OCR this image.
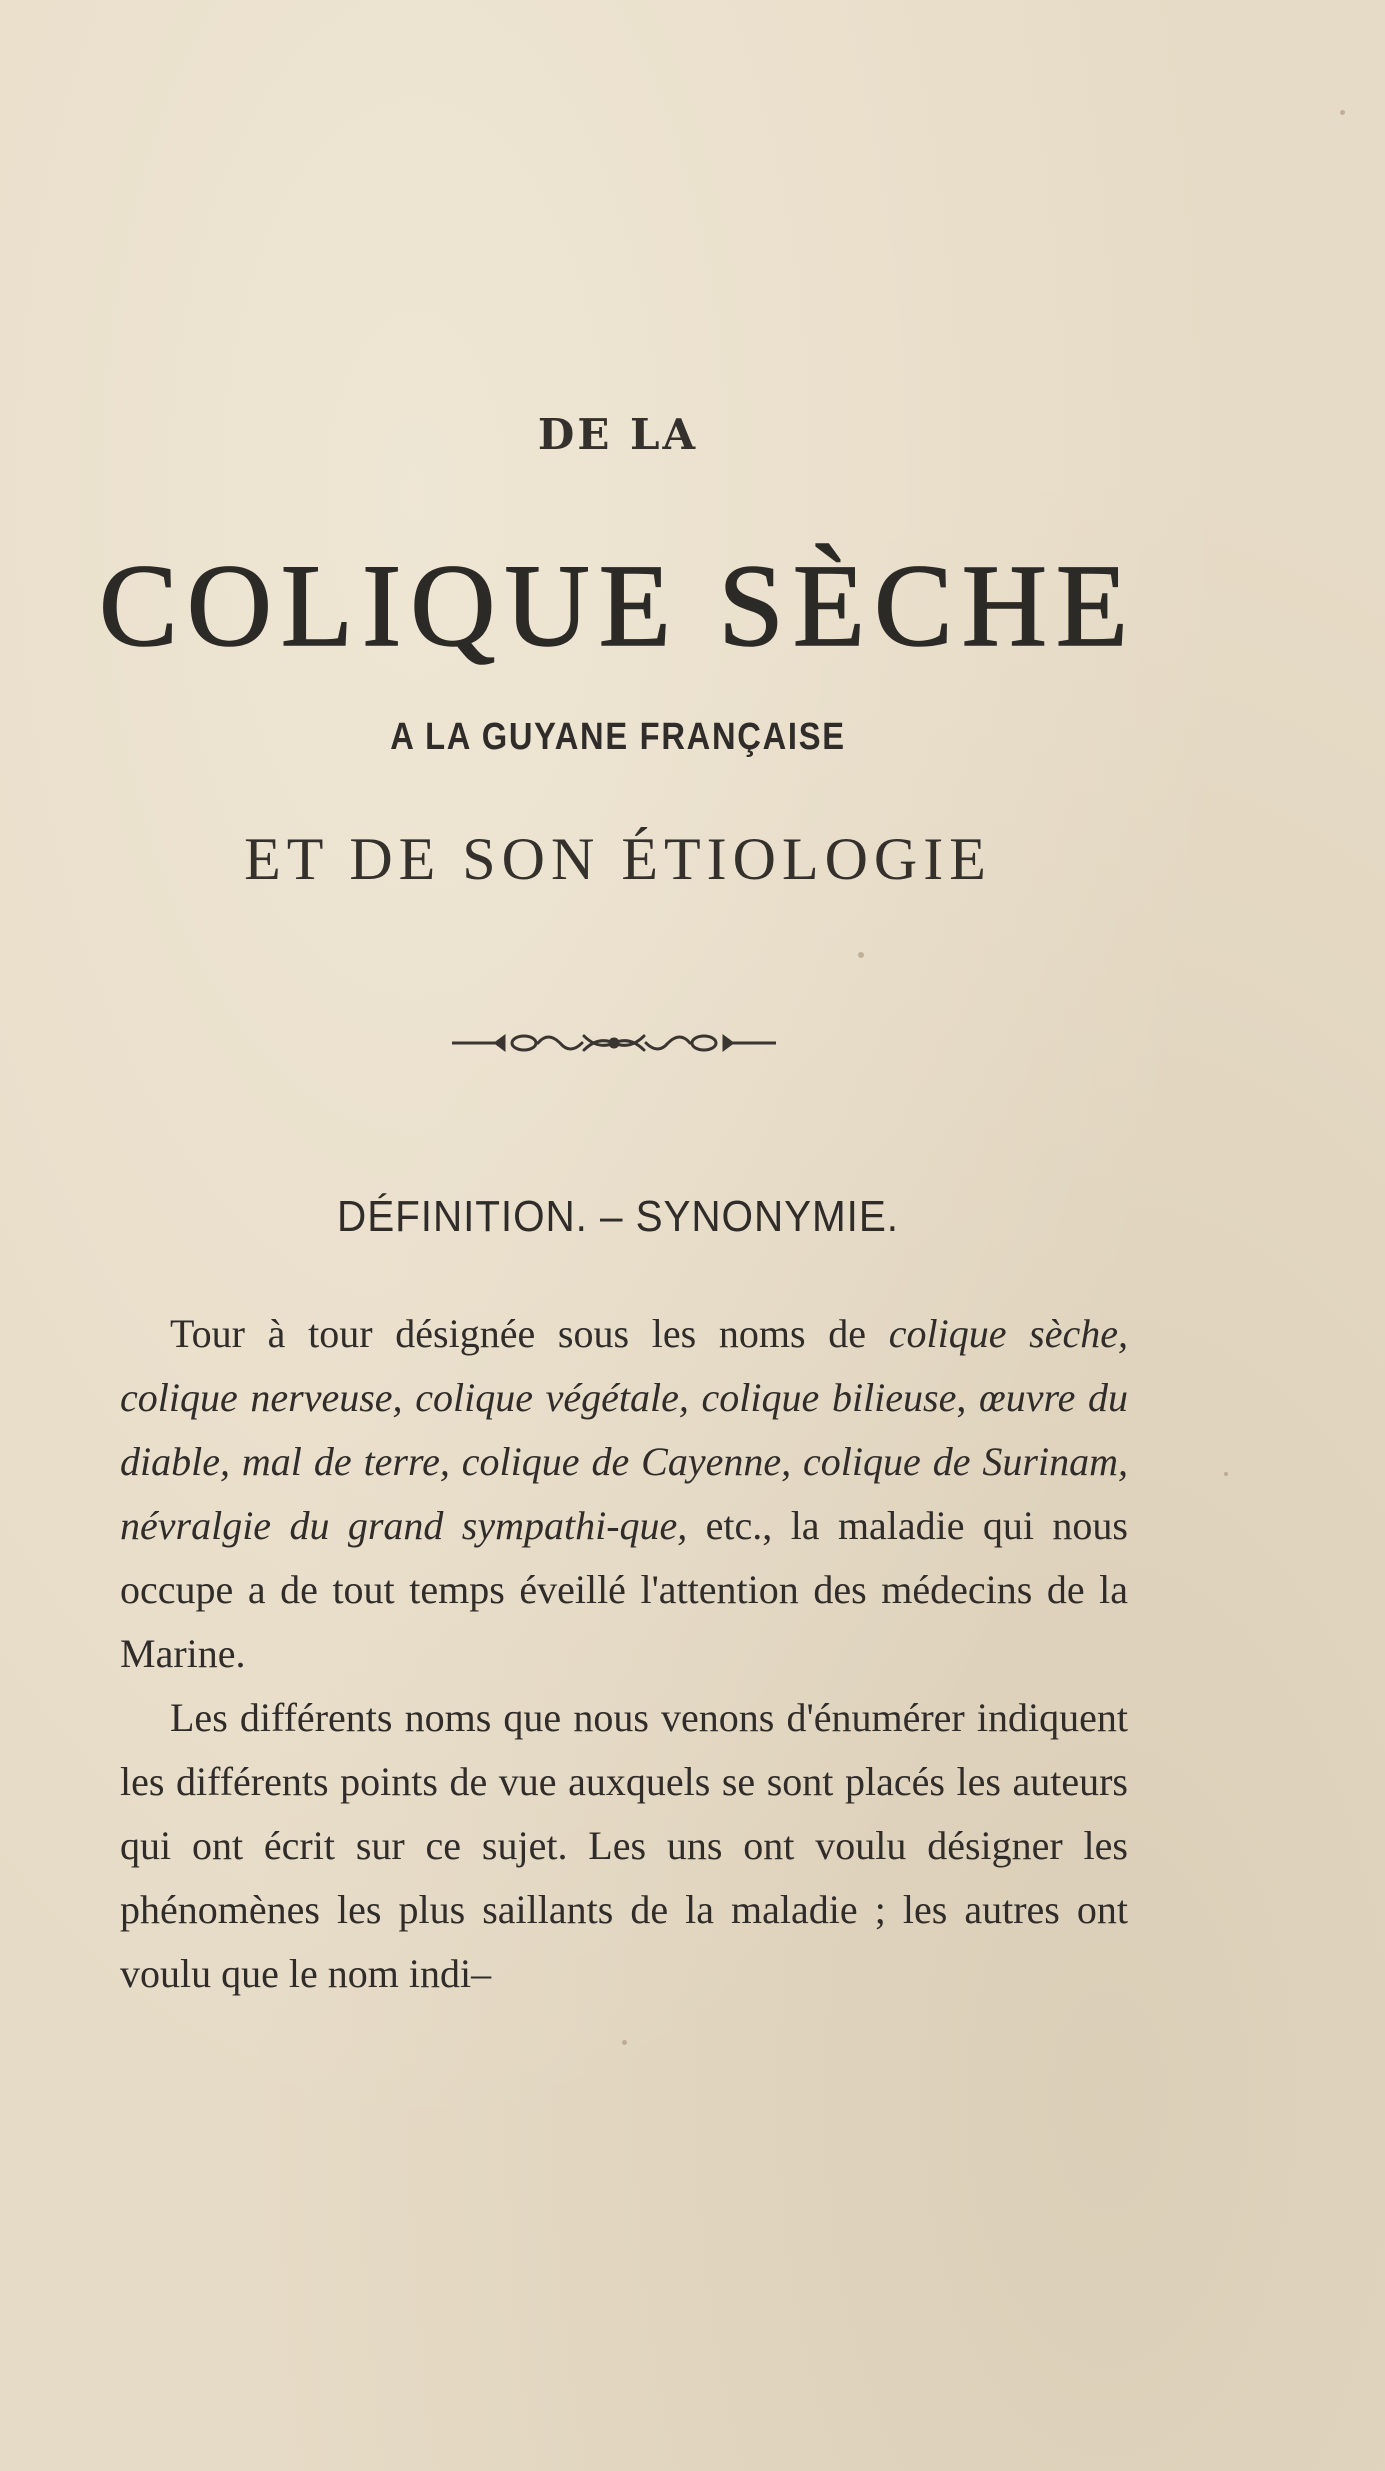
DE LA
COLIQUE SÈCHE
A LA GUYANE FRANÇAISE
ET DE SON ÉTIOLOGIE
DÉFINITION. – SYNONYMIE.

Tour à tour désignée sous les noms de colique sèche, colique nerveuse, colique végétale, colique bilieuse, œuvre du diable, mal de terre, colique de Cayenne, colique de Surinam, névralgie du grand sympathi-que, etc., la maladie qui nous occupe a de tout temps éveillé l'attention des médecins de la Marine.

Les différents noms que nous venons d'énumérer indiquent les différents points de vue auxquels se sont placés les auteurs qui ont écrit sur ce sujet. Les uns ont voulu désigner les phénomènes les plus saillants de la maladie ; les autres ont voulu que le nom indi–
